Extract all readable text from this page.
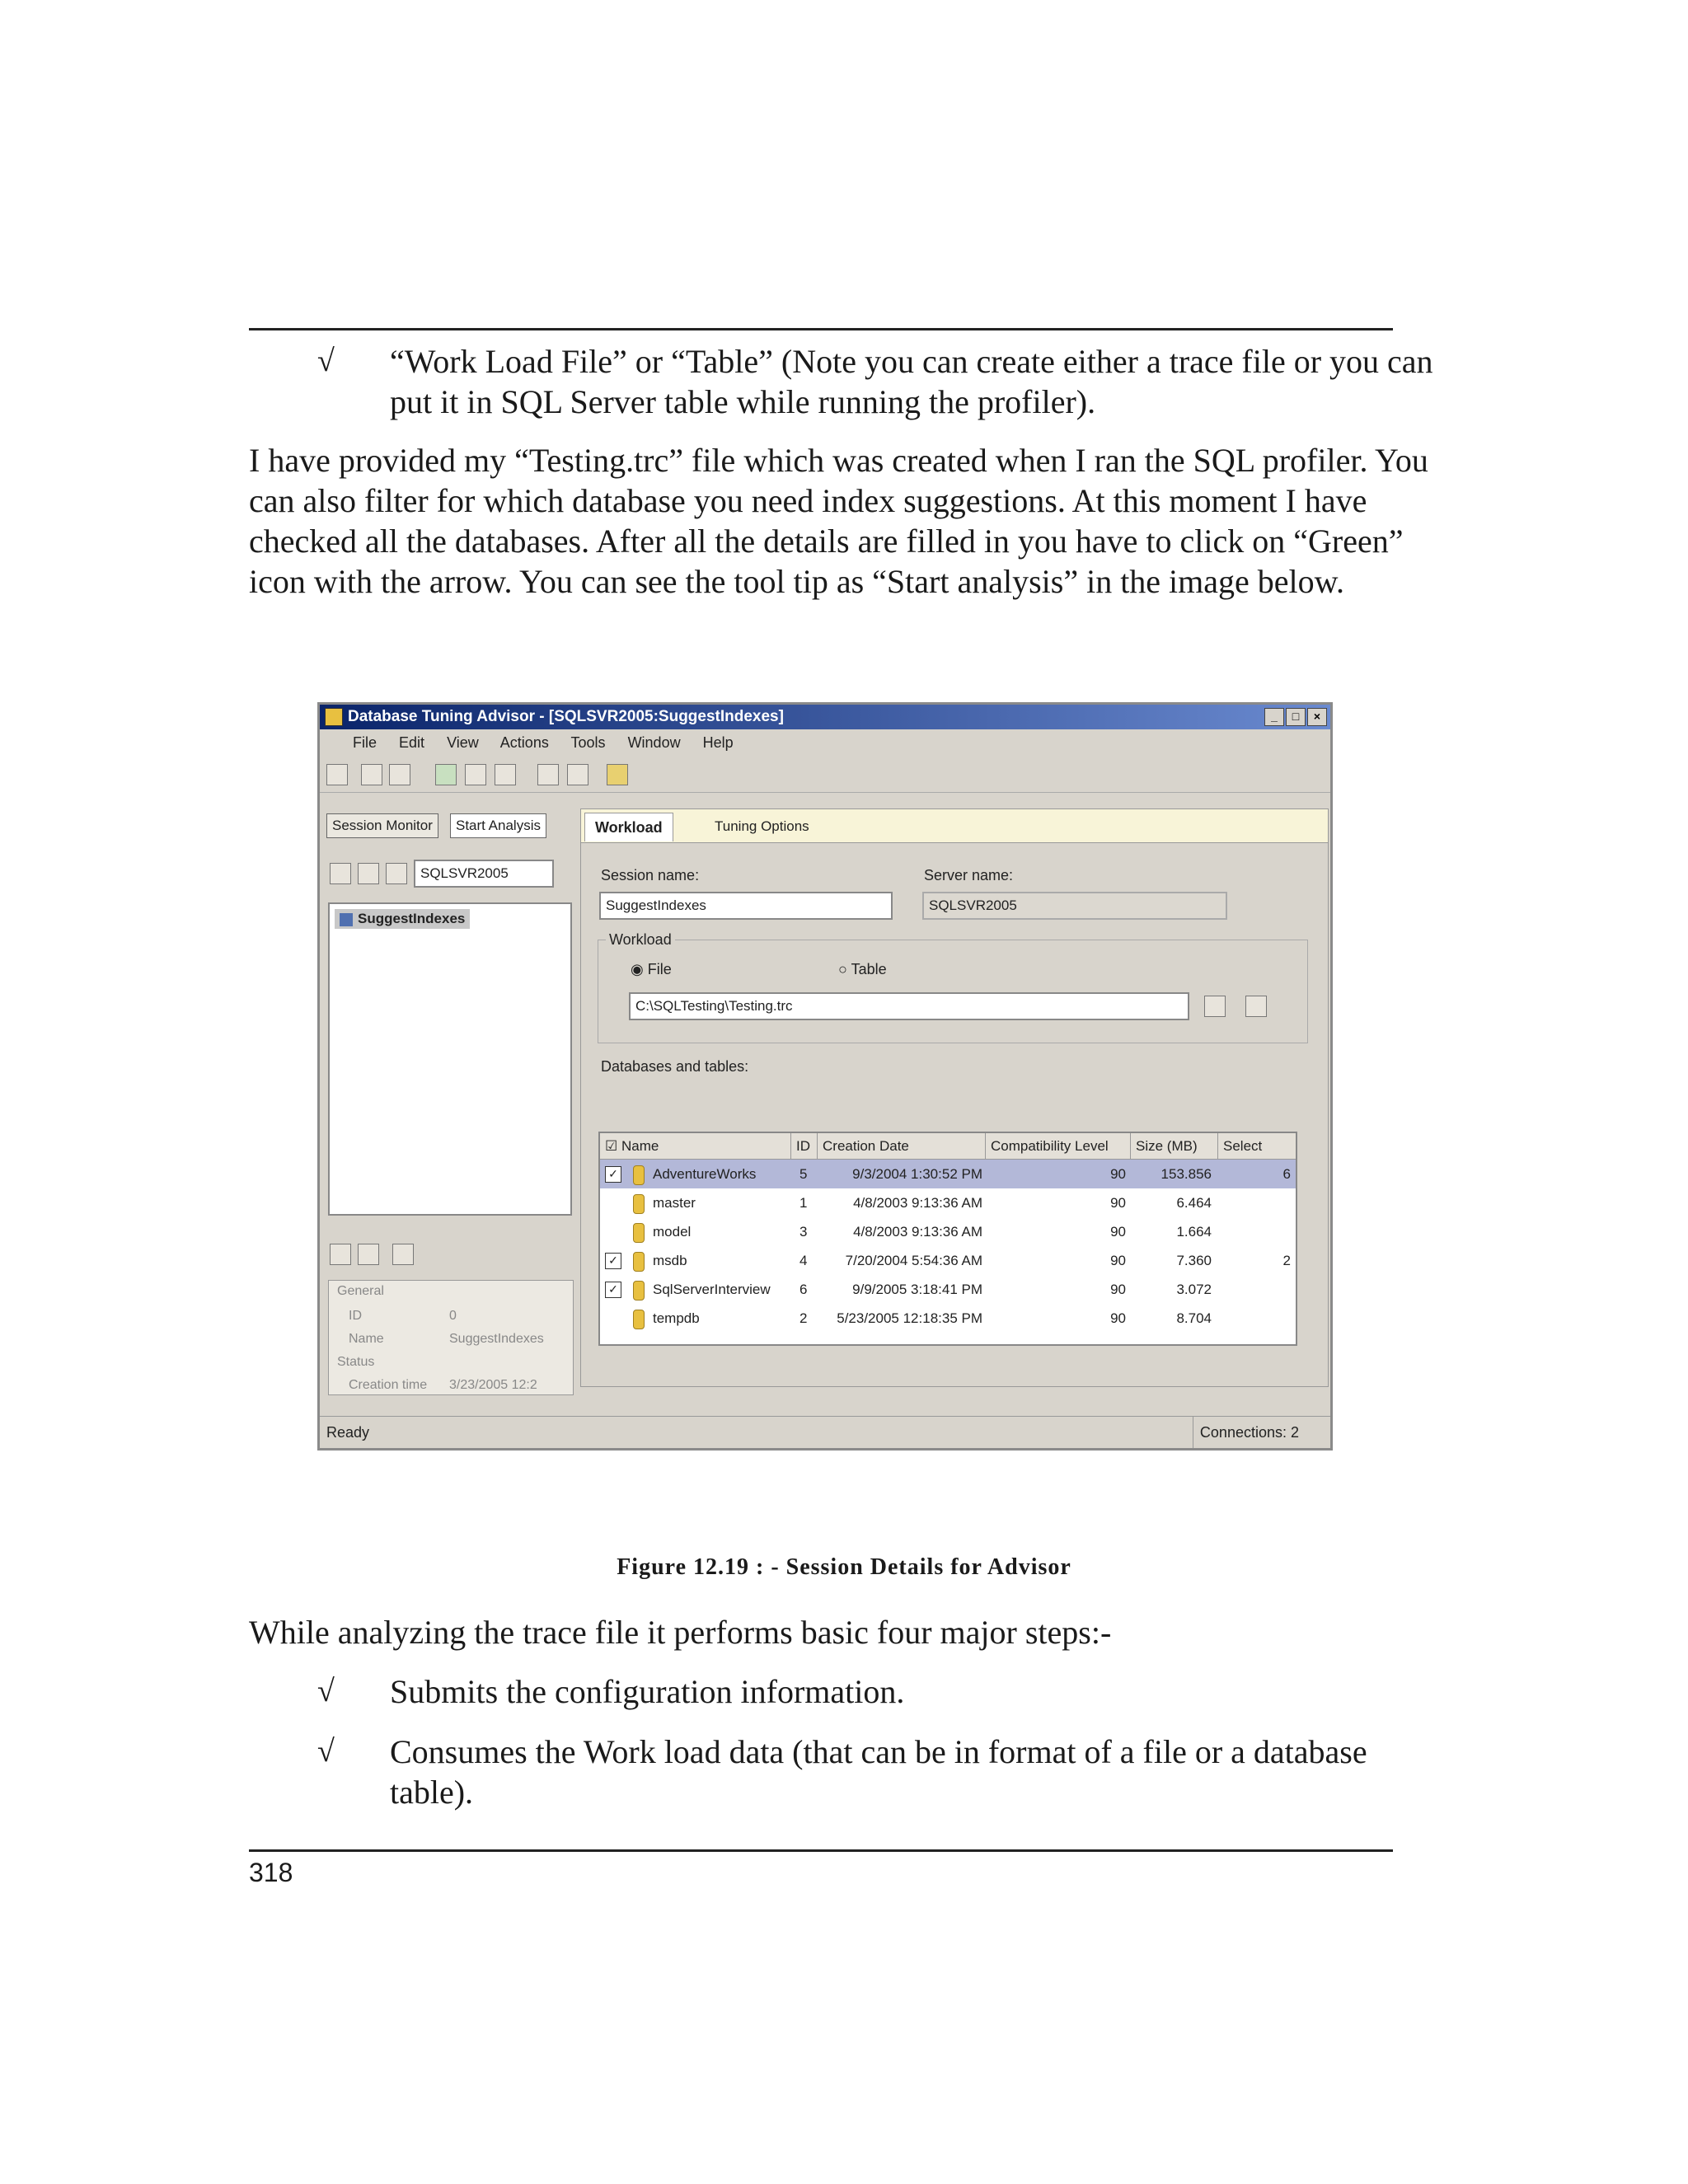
√ “Work Load File” or “Table” (Note you can create either a trace file or you can
put it in SQL Server table while running the profiler).
I have provided my “Testing.trc” file which was created when I ran the SQL profiler. You
can also filter for which database you need index suggestions. At this moment I have
checked all the databases. After all the details are filled in you have to click on “Green”
icon with the arrow. You can see the tool tip as “Start analysis” in the image below.
Database Tuning Advisor - [SQLSVR2005:SuggestIndexes]	_	□	×
File Edit View Actions Tools Window Help
Session Monitor	Start Analysis
SQLSVR2005
SuggestIndexes
General
ID	0
Name	SuggestIndexes
Status
Creation time 3/23/2005 12:2
Workload	Tuning Options
Session name:
SuggestIndexes
Server name:
SQLSVR2005
Workload
◉ File	○ Table
C:\SQLTesting\Testing.trc
Databases and tables:
☑ Name	ID Creation Date	Compatibility Level	Size (MB)	Select
✓ AdventureWorks	5	9/3/2004 1:30:52 PM	90	153.856	6
master	1	4/8/2003 9:13:36 AM	90	6.464
model	3	4/8/2003 9:13:36 AM	90	1.664
✓ msdb	4	7/20/2004 5:54:36 AM	90	7.360	2
✓ SqlServerInterview	6	9/9/2005 3:18:41 PM	90	3.072
tempdb	2	5/23/2005 12:18:35 PM	90	8.704
Ready	Connections: 2
Figure 12.19 : - Session Details for Advisor
While analyzing the trace file it performs basic four major steps:-
√ Submits the configuration information.
√ Consumes the Work load data (that can be in format of a file or a database
table).
318
